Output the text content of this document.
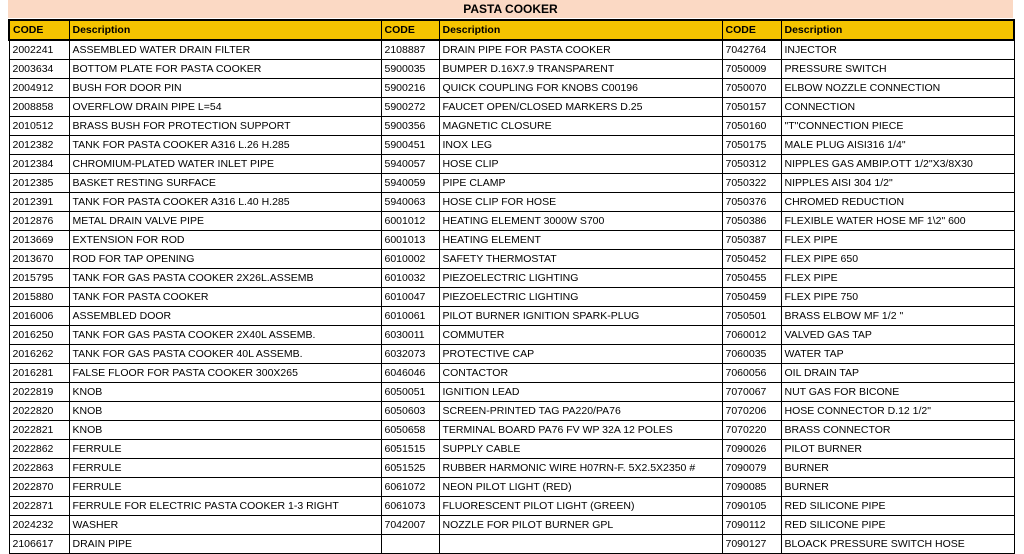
PASTA COOKER
CODE	Description	CODE	Description	CODE	Description
2002241	ASSEMBLED WATER DRAIN FILTER	2108887	DRAIN PIPE FOR PASTA COOKER	7042764	INJECTOR
2003634	BOTTOM PLATE FOR PASTA COOKER	5900035	BUMPER D.16X7.9 TRANSPARENT	7050009	PRESSURE SWITCH
2004912	BUSH FOR DOOR PIN	5900216	QUICK COUPLING FOR KNOBS C00196	7050070	ELBOW NOZZLE CONNECTION
2008858	OVERFLOW DRAIN PIPE L=54	5900272	FAUCET OPEN/CLOSED MARKERS D.25	7050157	CONNECTION
2010512	BRASS BUSH FOR PROTECTION SUPPORT	5900356	MAGNETIC CLOSURE	7050160	"T"CONNECTION PIECE
2012382	TANK FOR PASTA COOKER A316 L.26 H.285	5900451	INOX LEG	7050175	MALE PLUG AISI316 1/4"
2012384	CHROMIUM-PLATED WATER INLET PIPE	5940057	HOSE CLIP	7050312	NIPPLES GAS AMBIP.OTT 1/2"X3/8X30
2012385	BASKET RESTING SURFACE	5940059	PIPE CLAMP	7050322	NIPPLES AISI 304 1/2"
2012391	TANK FOR PASTA COOKER A316 L.40 H.285	5940063	HOSE CLIP FOR HOSE	7050376	CHROMED REDUCTION
2012876	METAL DRAIN VALVE PIPE	6001012	HEATING ELEMENT 3000W S700	7050386	FLEXIBLE WATER HOSE MF 1\2" 600
2013669	EXTENSION FOR ROD	6001013	HEATING ELEMENT	7050387	FLEX PIPE
2013670	ROD FOR TAP OPENING	6010002	SAFETY THERMOSTAT	7050452	FLEX PIPE 650
2015795	TANK FOR GAS PASTA COOKER 2X26L.ASSEMB	6010032	PIEZOELECTRIC LIGHTING	7050455	FLEX PIPE
2015880	TANK FOR PASTA COOKER	6010047	PIEZOELECTRIC LIGHTING	7050459	FLEX PIPE 750
2016006	ASSEMBLED DOOR	6010061	PILOT BURNER IGNITION SPARK-PLUG	7050501	BRASS ELBOW MF 1/2 "
2016250	TANK FOR GAS PASTA COOKER 2X40L ASSEMB.	6030011	COMMUTER	7060012	VALVED GAS TAP
2016262	TANK FOR GAS PASTA COOKER 40L ASSEMB.	6032073	PROTECTIVE CAP	7060035	WATER TAP
2016281	FALSE FLOOR FOR PASTA COOKER 300X265	6046046	CONTACTOR	7060056	OIL DRAIN TAP
2022819	KNOB	6050051	IGNITION LEAD	7070067	NUT GAS FOR BICONE
2022820	KNOB	6050603	SCREEN-PRINTED TAG PA220/PA76	7070206	HOSE CONNECTOR D.12 1/2"
2022821	KNOB	6050658	TERMINAL BOARD PA76 FV WP 32A 12 POLES	7070220	BRASS CONNECTOR
2022862	FERRULE	6051515	SUPPLY CABLE	7090026	PILOT BURNER
2022863	FERRULE	6051525	RUBBER HARMONIC WIRE H07RN-F. 5X2.5X2350 #	7090079	BURNER
2022870	FERRULE	6061072	NEON PILOT LIGHT (RED)	7090085	BURNER
2022871	FERRULE FOR ELECTRIC PASTA COOKER 1-3 RIGHT	6061073	FLUORESCENT PILOT LIGHT (GREEN)	7090105	RED SILICONE PIPE
2024232	WASHER	7042007	NOZZLE FOR PILOT BURNER GPL	7090112	RED SILICONE PIPE
2106617	DRAIN PIPE			7090127	BLOACK PRESSURE SWITCH HOSE
